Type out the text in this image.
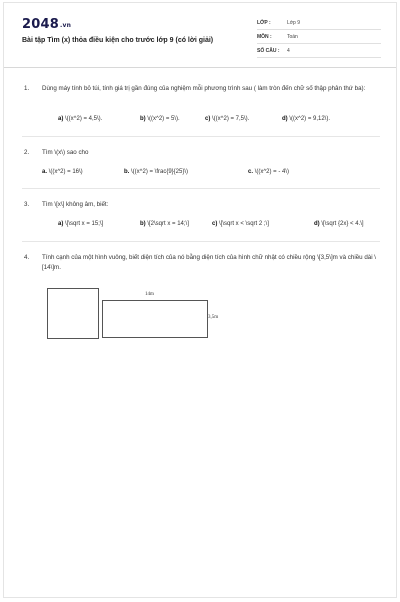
2048.vn
Bài tập Tìm (x) thỏa điều kiện cho trước lớp 9 (có lời giải)
LỚP :	Lớp 9
MÔN :	Toán
SỐ CÂU : 4
1. Dùng máy tính bỏ túi, tính giá trị gần đúng của nghiệm mỗi phương trình sau ( làm tròn đến chữ số thập phân thứ ba):
a) \((x^2) = 4,5\).	b) \((x^2) = 5\).	c) \((x^2) = 7,5\).	d) \((x^2) = 9,12\).
2. Tìm \(x\) sao cho
a. \((x^2) = 16\)	b. \((x^2) = \frac{9}{25}\)	c. \((x^2) = - 4\)
3. Tìm \[x\] không âm, biết:
a) \[\sqrt x = 15;\]	b) \[2\sqrt x = 14;\]	c) \[\sqrt x < \sqrt 2 ;\]	d) \[\sqrt {2x} < 4.\]
4. Tính cạnh của một hình vuông, biết diện tích của nó bằng diện tích của hình chữ nhật có chiều rộng \[3,5\]m và chiều dài \[14\]m.
14m
3,5m
